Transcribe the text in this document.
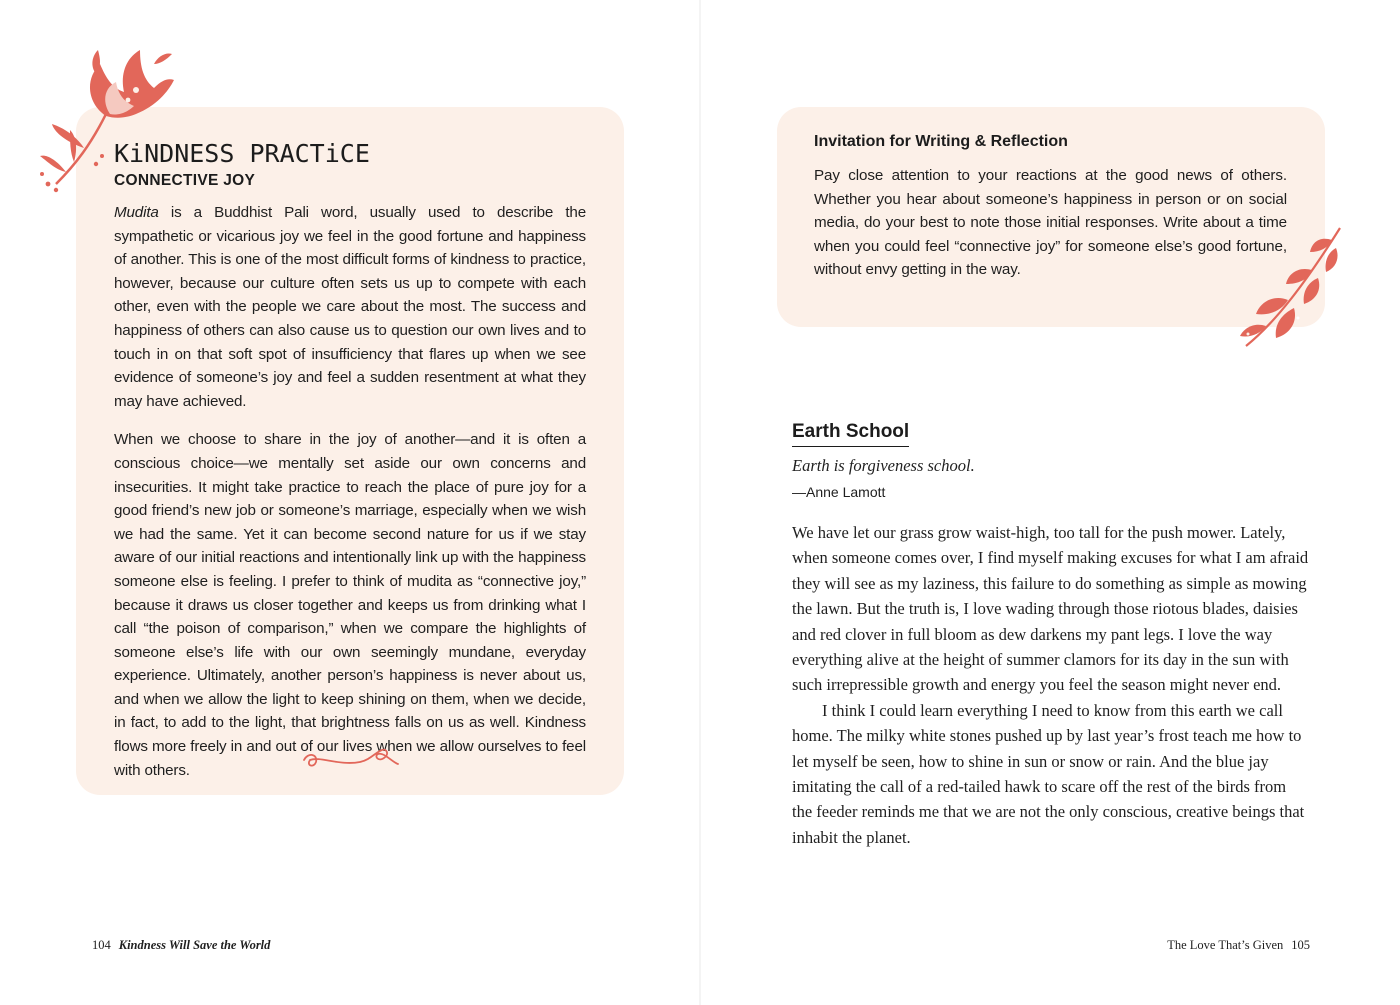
KiNDNESS PRACTiCE
CONNECTIVE JOY

Mudita is a Buddhist Pali word, usually used to describe the sympathetic or vicarious joy we feel in the good fortune and happiness of another. This is one of the most difficult forms of kindness to practice, however, because our culture often sets us up to compete with each other, even with the people we care about the most. The success and happiness of others can also cause us to question our own lives and to touch in on that soft spot of insufficiency that flares up when we see evidence of someone’s joy and feel a sudden resentment at what they may have achieved.

When we choose to share in the joy of another—and it is often a conscious choice—we mentally set aside our own concerns and insecurities. It might take practice to reach the place of pure joy for a good friend’s new job or someone’s marriage, especially when we wish we had the same. Yet it can become second nature for us if we stay aware of our initial reactions and intentionally link up with the happiness someone else is feeling. I prefer to think of mudita as “connective joy,” because it draws us closer together and keeps us from drinking what I call “the poison of comparison,” when we compare the highlights of someone else’s life with our own seemingly mundane, everyday experience. Ultimately, another person’s happiness is never about us, and when we allow the light to keep shining on them, when we decide, in fact, to add to the light, that brightness falls on us as well. Kindness flows more freely in and out of our lives when we allow ourselves to feel with others.

104 Kindness Will Save the World
Invitation for Writing & Reflection

Pay close attention to your reactions at the good news of others. Whether you hear about someone’s happiness in person or on social media, do your best to note those initial responses. Write about a time when you could feel “connective joy” for someone else’s good fortune, without envy getting in the way.

Earth School

Earth is forgiveness school.

—Anne Lamott

We have let our grass grow waist-high, too tall for the push mower. Lately, when someone comes over, I find myself making excuses for what I am afraid they will see as my laziness, this failure to do something as simple as mowing the lawn. But the truth is, I love wading through those riotous blades, daisies and red clover in full bloom as dew darkens my pant legs. I love the way everything alive at the height of summer clamors for its day in the sun with such irrepressible growth and energy you feel the season might never end.

I think I could learn everything I need to know from this earth we call home. The milky white stones pushed up by last year’s frost teach me how to let myself be seen, how to shine in sun or snow or rain. And the blue jay imitating the call of a red-tailed hawk to scare off the rest of the birds from the feeder reminds me that we are not the only conscious, creative beings that inhabit the planet.

The Love That’s Given 105
